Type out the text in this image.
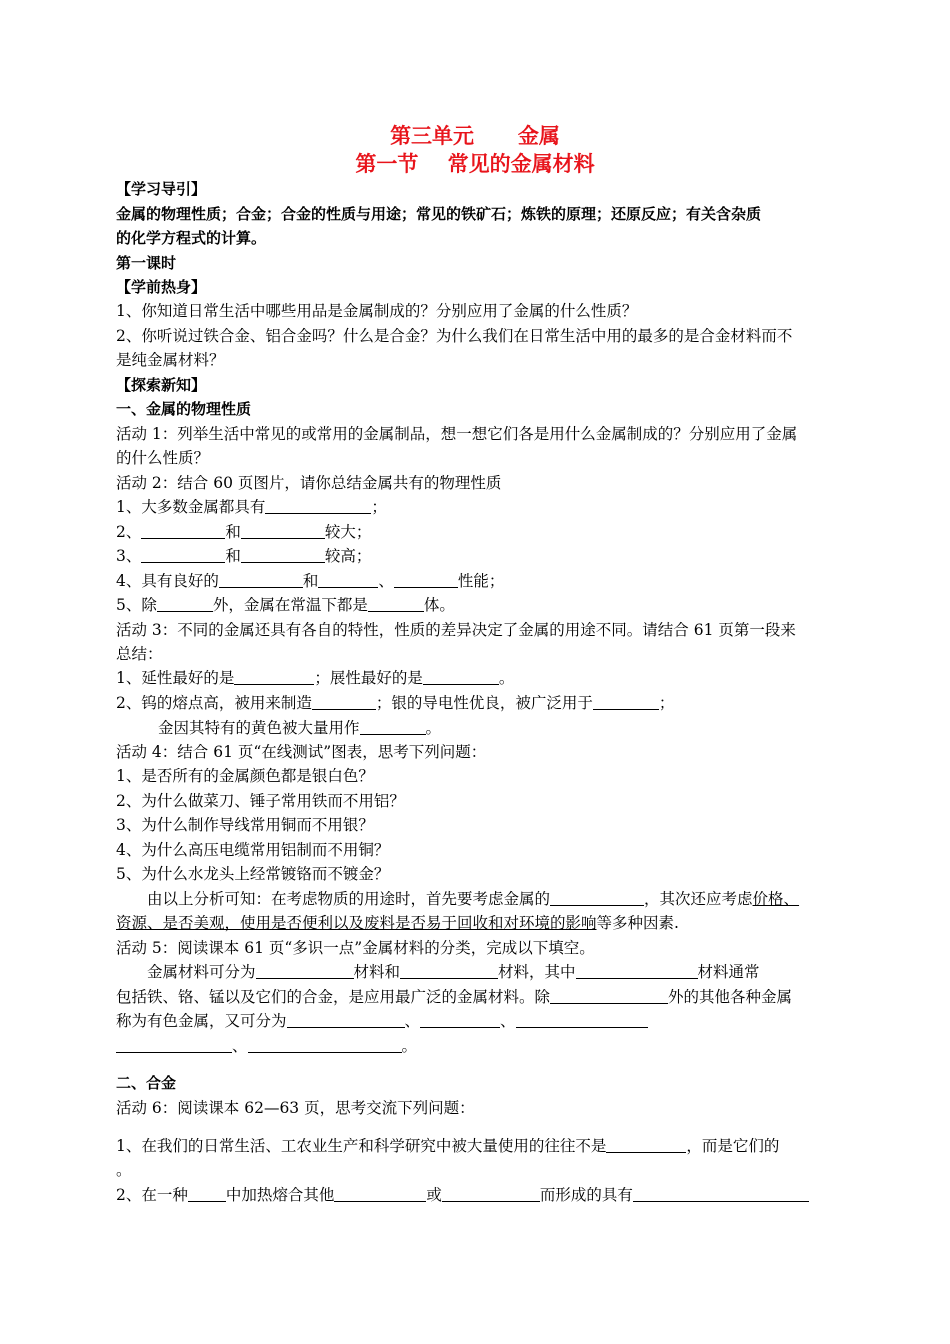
第三单元      金属
第一节    常见的金属材料
【学习导引】
金属的物理性质；合金；合金的性质与用途；常见的铁矿石；炼铁的原理；还原反应；有关含杂质
的化学方程式的计算。
第一课时
【学前热身】
1、你知道日常生活中哪些用品是金属制成的？分别应用了金属的什么性质？
2、你听说过铁合金、铝合金吗？什么是合金？为什么我们在日常生活中用的最多的是合金材料而不
是纯金属材料？
【探索新知】
一、金属的物理性质
活动 1：列举生活中常见的或常用的金属制品，想一想它们各是用什么金属制成的？分别应用了金属
的什么性质？
活动 2：结合 60 页图片，请你总结金属共有的物理性质
1、大多数金属都具有	；
2、	和	较大；
3、	和	较高；
4、具有良好的	和	、	性能；
5、除	外，金属在常温下都是	体。
活动 3：不同的金属还具有各自的特性，性质的差异决定了金属的用途不同。请结合 61 页第一段来
总结：
1、延性最好的是	；展性最好的是	。
2、钨的熔点高，被用来制造	；银的导电性优良，被广泛用于	；
金因其特有的黄色被大量用作	。
活动 4：结合 61 页“在线测试”图表，思考下列问题：
1、是否所有的金属颜色都是银白色？
2、为什么做菜刀、锤子常用铁而不用铝？
3、为什么制作导线常用铜而不用银？
4、为什么高压电缆常用铝制而不用铜？
5、为什么水龙头上经常镀铬而不镀金？
由以上分析可知：在考虑物质的用途时，首先要考虑金属的	，其次还应考虑价格、
资源、是否美观，使用是否便利以及废料是否易于回收和对环境的影响等多种因素.
活动 5：阅读课本 61 页“多识一点”金属材料的分类，完成以下填空。
金属材料可分为	材料和	材料，其中	材料通常
包括铁、铬、锰以及它们的合金，是应用最广泛的金属材料。除	外的其他各种金属
称为有色金属，又可分为	、	、
、	。
二、合金
活动 6：阅读课本 62—63 页，思考交流下列问题：
1、在我们的日常生活、工农业生产和科学研究中被大量使用的往往不是	，而是它们的
。
2、在一种 中加热熔合其他	或	而形成的具有
